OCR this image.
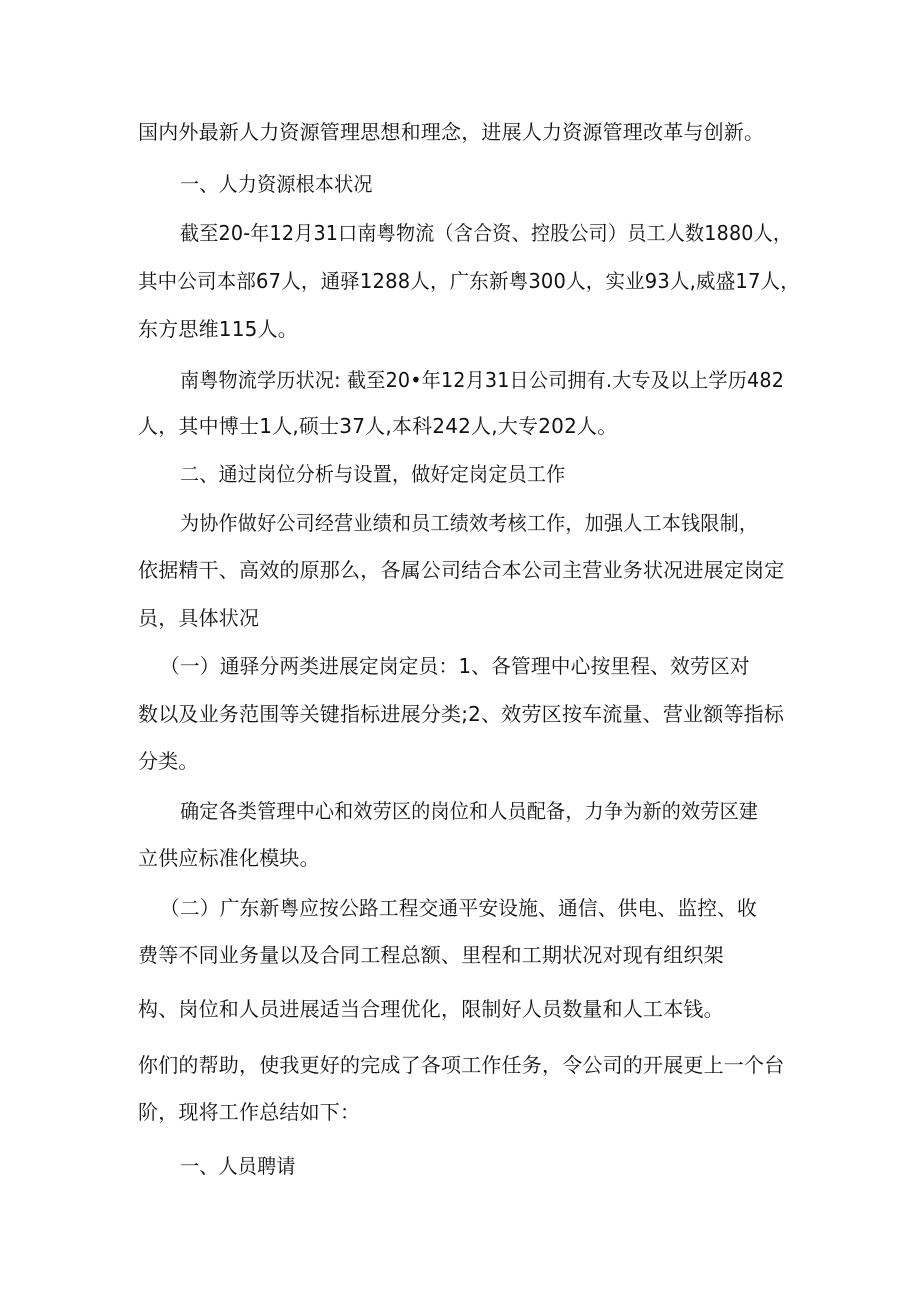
国内外最新人力资源管理思想和理念，进展人力资源管理改革与创新。
一、人力资源根本状况
截至20-年12月31口南粤物流（含合资、控股公司）员工人数1880人，
其中公司本部67人，通驿1288人，广东新粤300人，实业93人,威盛17人，
东方思维115人。
南粤物流学历状况: 截至20•年12月31日公司拥有.大专及以上学历482
人，其中博士1人,硕士37人,本科242人,大专202人。
二、通过岗位分析与设置，做好定岗定员工作
为协作做好公司经营业绩和员工绩效考核工作，加强人工本钱限制，
依据精干、高效的原那么，各属公司结合本公司主营业务状况进展定岗定
员，具体状况
（一）通驿分两类进展定岗定员：1、各管理中心按里程、效劳区对
数以及业务范围等关键指标进展分类;2、效劳区按车流量、营业额等指标
分类。
确定各类管理中心和效劳区的岗位和人员配备，力争为新的效劳区建
立供应标准化模块。
（二）广东新粤应按公路工程交通平安设施、通信、供电、监控、收
费等不同业务量以及合同工程总额、里程和工期状况对现有组织架
构、岗位和人员进展适当合理优化，限制好人员数量和人工本钱。
你们的帮助，使我更好的完成了各项工作任务，令公司的开展更上一个台
阶，现将工作总结如下：
一、人员聘请
